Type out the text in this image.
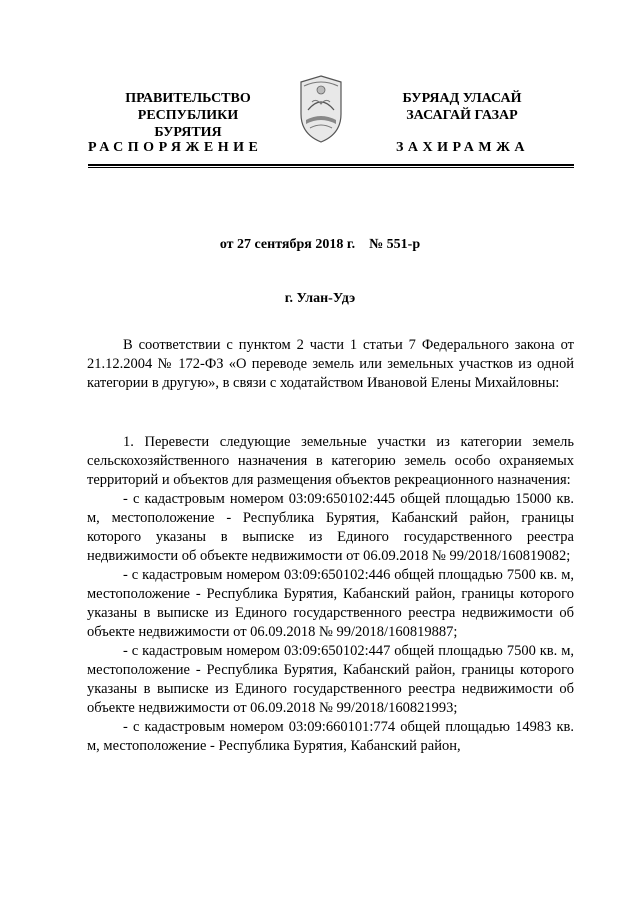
ПРАВИТЕЛЬСТВО
РЕСПУБЛИКИ БУРЯТИЯ
БУРЯАД УЛАСАЙ
ЗАСАГАЙ ГАЗАР
РАСПОРЯЖЕНИЕ	ЗАХИРАМЖА
от 27 сентября 2018 г. № 551-р
г. Улан-Удэ

В соответствии с пунктом 2 части 1 статьи 7 Федерального закона от 21.12.2004 № 172-ФЗ «О переводе земель или земельных участков из одной категории в другую», в связи с ходатайством Ивановой Елены Михайловны:

1. Перевести следующие земельные участки из категории земель сельскохозяйственного назначения в категорию земель особо охраняемых территорий и объектов для размещения объектов рекреационного назначения:

- с кадастровым номером 03:09:650102:445 общей площадью 15000 кв. м, местоположение - Республика Бурятия, Кабанский район, границы которого указаны в выписке из Единого государственного реестра недвижимости об объекте недвижимости от 06.09.2018 № 99/2018/160819082;

- с кадастровым номером 03:09:650102:446 общей площадью 7500 кв. м, местоположение - Республика Бурятия, Кабанский район, границы которого указаны в выписке из Единого государственного реестра недвижимости об объекте недвижимости от 06.09.2018 № 99/2018/160819887;

- с кадастровым номером 03:09:650102:447 общей площадью 7500 кв. м, местоположение - Республика Бурятия, Кабанский район, границы которого указаны в выписке из Единого государственного реестра недвижимости об объекте недвижимости от 06.09.2018 № 99/2018/160821993;

- с кадастровым номером 03:09:660101:774 общей площадью 14983 кв. м, местоположение - Республика Бурятия, Кабанский район,
